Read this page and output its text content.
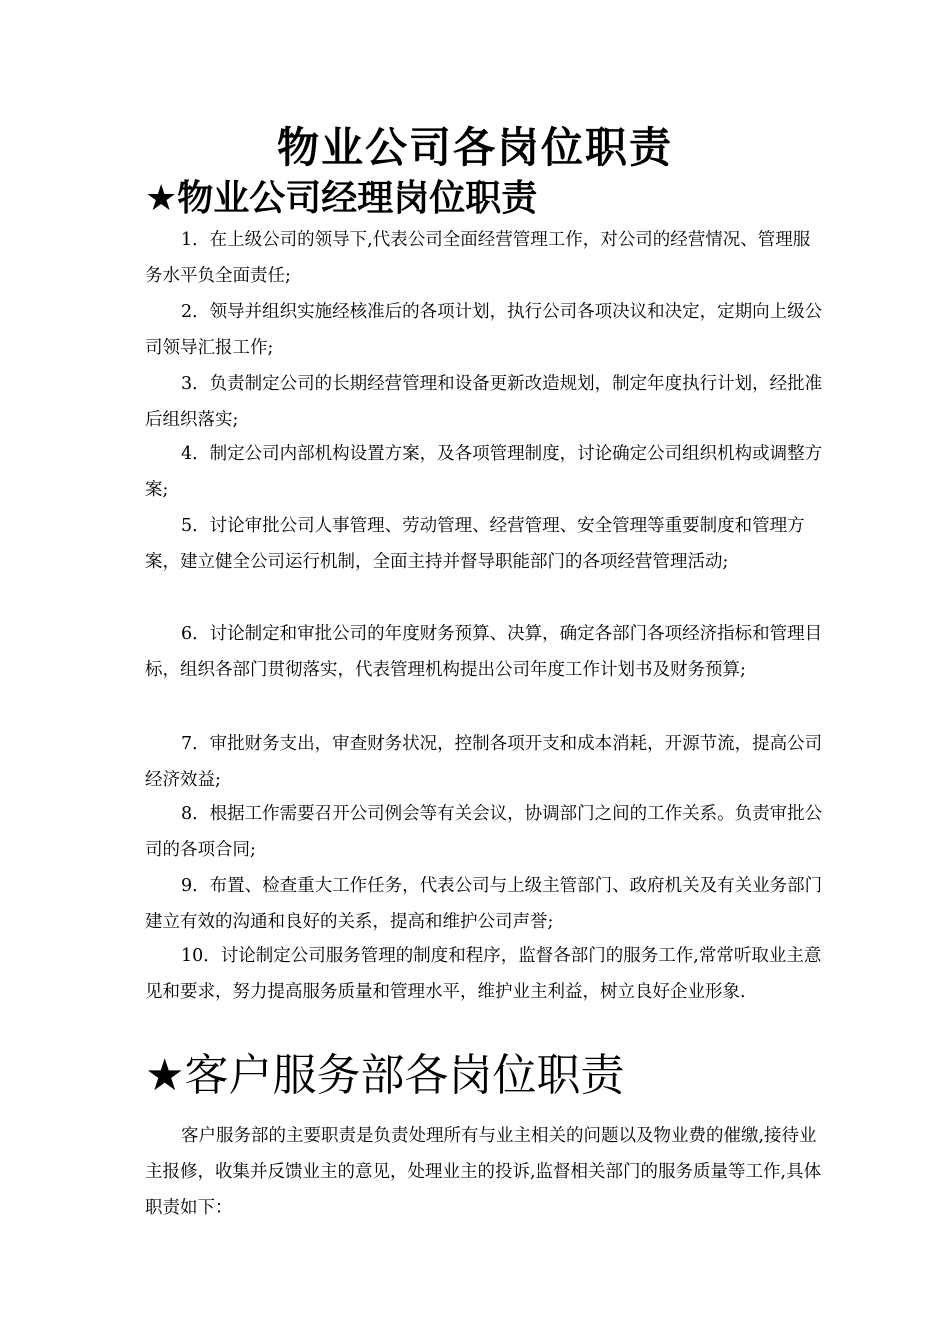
物业公司各岗位职责
★物业公司经理岗位职责
1．在上级公司的领导下,代表公司全面经营管理工作，对公司的经营情况、管理服务水平负全面责任;
2．领导并组织实施经核准后的各项计划，执行公司各项决议和决定，定期向上级公司领导汇报工作;
3．负责制定公司的长期经营管理和设备更新改造规划，制定年度执行计划，经批准后组织落实;
4．制定公司内部机构设置方案，及各项管理制度，讨论确定公司组织机构或调整方案;
5．讨论审批公司人事管理、劳动管理、经营管理、安全管理等重要制度和管理方案，建立健全公司运行机制，全面主持并督导职能部门的各项经营管理活动;
6．讨论制定和审批公司的年度财务预算、决算，确定各部门各项经济指标和管理目标，组织各部门贯彻落实，代表管理机构提出公司年度工作计划书及财务预算;
7．审批财务支出，审查财务状况，控制各项开支和成本消耗，开源节流，提高公司经济效益;
8．根据工作需要召开公司例会等有关会议，协调部门之间的工作关系。负责审批公司的各项合同;
9．布置、检查重大工作任务，代表公司与上级主管部门、政府机关及有关业务部门建立有效的沟通和良好的关系，提高和维护公司声誉;
10．讨论制定公司服务管理的制度和程序，监督各部门的服务工作,常常听取业主意见和要求，努力提高服务质量和管理水平，维护业主利益，树立良好企业形象.
★客户服务部各岗位职责
客户服务部的主要职责是负责处理所有与业主相关的问题以及物业费的催缴,接待业主报修，收集并反馈业主的意见，处理业主的投诉,监督相关部门的服务质量等工作,具体职责如下：
